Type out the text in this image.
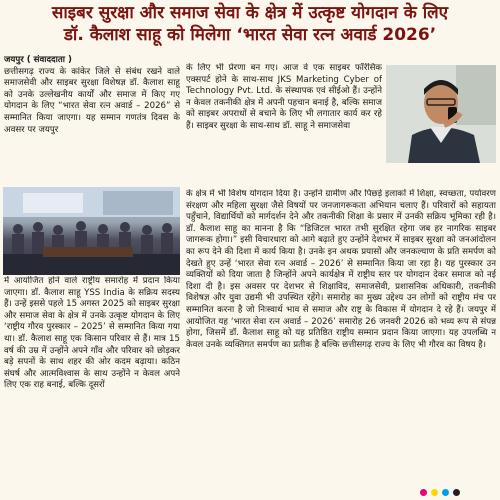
साइबर सुरक्षा और समाज सेवा के क्षेत्र में उत्कृष्ट योगदान के लिए
डॉ. कैलाश साहू को मिलेगा ‘भारत सेवा रत्न अवार्ड 2026’

जयपुर ( संवाददाता )

छत्तीसगढ़ राज्य के कांकेर जिले से संबंध रखने वाले समाजसेवी और साइबर सुरक्षा विशेषज्ञ डॉ. कैलाश साहू को उनके उल्लेखनीय कार्यों और समाज में किए गए योगदान के लिए “भारत सेवा रत्न अवार्ड – 2026” से सम्मानित किया जाएगा। यह सम्मान गणतंत्र दिवस के अवसर पर जयपुर

में आयोजित होने वाले राष्ट्रीय समारोह में प्रदान किया जाएगा। डॉ. कैलाश साहू YSS India के सक्रिय सदस्य हैं। उन्हें इससे पहले 15 अगस्त 2025 को साइबर सुरक्षा और समाज सेवा के क्षेत्र में उनके उत्कृष्ट योगदान के लिए ‘राष्ट्रीय गौरव पुरस्कार – 2025’ से सम्मानित किया गया था। डॉ. कैलाश साहू एक किसान परिवार से हैं। मात्र 15 वर्ष की उम्र में उन्होंने अपने गाँव और परिवार को छोड़कर बड़े सपनों के साथ शहर की ओर कदम बढ़ाया। कठिन संघर्ष और आत्मविश्वास के साथ उन्होंने न केवल अपने लिए एक राह बनाई, बल्कि दूसरों

के लिए भी प्रेरणा बन गए। आज वे एक साइबर फॉरेंसिक एक्सपर्ट होने के साथ-साथ JKS Marketing Cyber of Technology Pvt. Ltd. के संस्थापक एवं सीईओ हैं। उन्होंने न केवल तकनीकी क्षेत्र में अपनी पहचान बनाई है, बल्कि समाज को साइबर अपराधों से बचाने के लिए भी लगातार कार्य कर रहे हैं। साइबर सुरक्षा के साथ-साथ डॉ. साहू ने समाजसेवा

के क्षेत्र में भी विशेष योगदान दिया है। उन्होंने ग्रामीण और पिछड़े इलाकों में शिक्षा, स्वच्छता, पर्यावरण संरक्षण और महिला सुरक्षा जैसे विषयों पर जनजागरूकता अभियान चलाए हैं। परिवारों को सहायता पहुँचाने, विद्यार्थियों को मार्गदर्शन देने और तकनीकी शिक्षा के प्रसार में उनकी सक्रिय भूमिका रही है। डॉ. कैलाश साहू का मानना है कि “डिजिटल भारत तभी सुरक्षित रहेगा जब हर नागरिक साइबर जागरूक होगा।” इसी विचारधारा को आगे बढ़ाते हुए उन्होंने देशभर में साइबर सुरक्षा को जनआंदोलन का रूप देने की दिशा में कार्य किया है। उनके इन अथक प्रयासों और जनकल्याण के प्रति समर्पण को देखते हुए उन्हें ‘भारत सेवा रत्न अवार्ड – 2026’ से सम्मानित किया जा रहा है। यह पुरस्कार उन व्यक्तियों को दिया जाता है जिन्होंने अपने कार्यक्षेत्र में राष्ट्रीय स्तर पर योगदान देकर समाज को नई दिशा दी है। इस अवसर पर देशभर से शिक्षाविद, समाजसेवी, प्रशासनिक अधिकारी, तकनीकी विशेषज्ञ और युवा उद्यमी भी उपस्थित रहेंगे। समारोह का मुख्य उद्देश्य उन लोगों को राष्ट्रीय मंच पर सम्मानित करना है जो निःस्वार्थ भाव से समाज और राष्ट्र के विकास में योगदान दे रहे हैं। जयपुर में आयोजित यह ‘भारत सेवा रत्न अवार्ड – 2026’ समारोह 26 जनवरी 2026 को भव्य रूप से संपन्न होगा, जिसमें डॉ. कैलाश साहू को यह प्रतिष्ठित राष्ट्रीय सम्मान प्रदान किया जाएगा। यह उपलब्धि न केवल उनके व्यक्तिगत समर्पण का प्रतीक है बल्कि छत्तीसगढ़ राज्य के लिए भी गौरव का विषय है।
